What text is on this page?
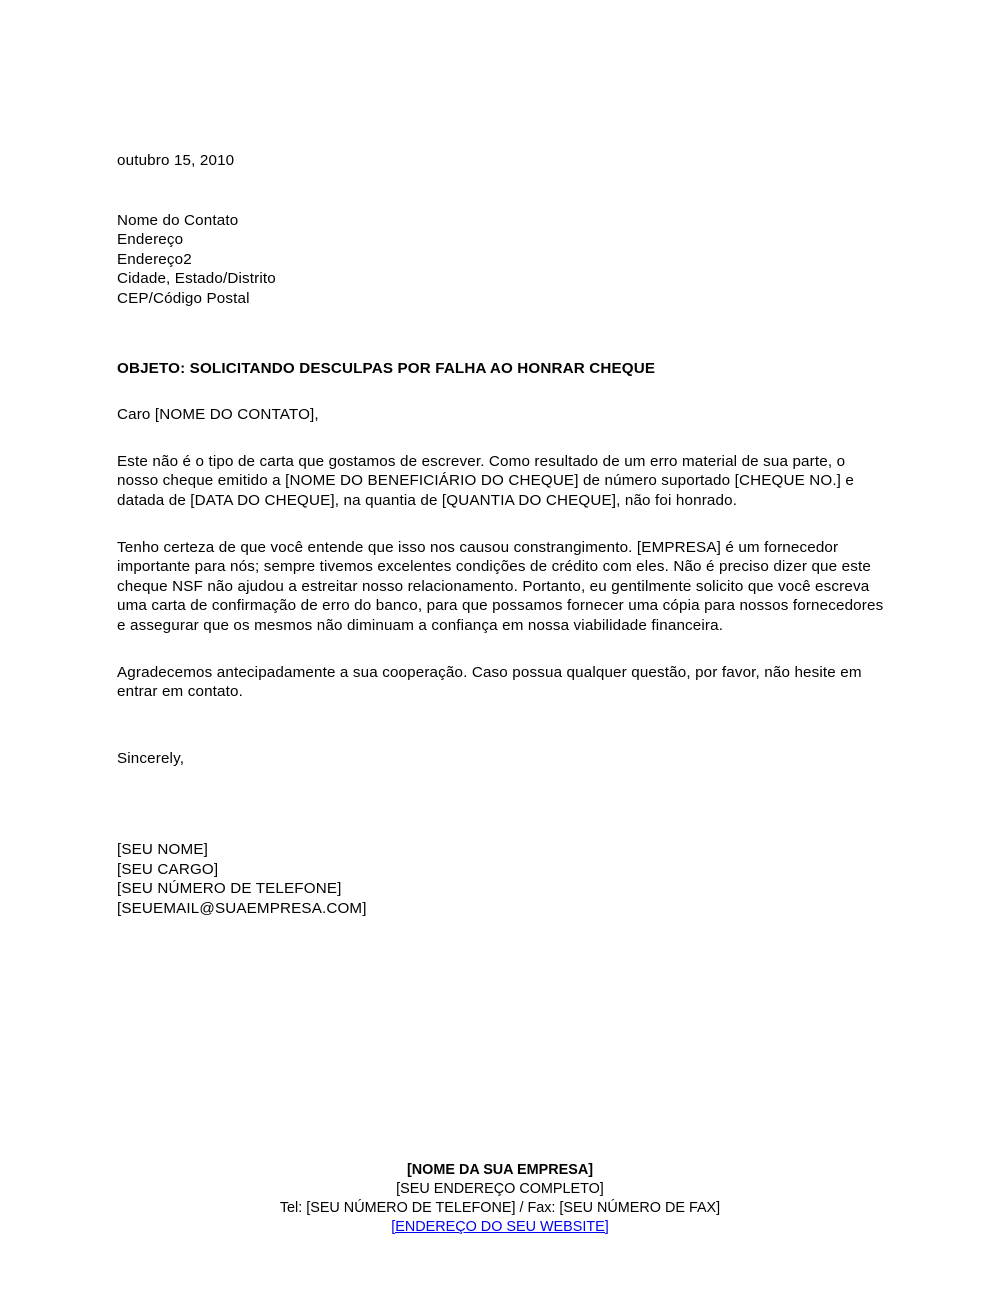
outubro 15, 2010

Nome do Contato

Endereço

Endereço2

Cidade, Estado/Distrito

CEP/Código Postal

OBJETO: SOLICITANDO DESCULPAS POR FALHA AO HONRAR CHEQUE

Caro [NOME DO CONTATO],

Este não é o tipo de carta que gostamos de escrever. Como resultado de um erro material de sua parte, o nosso cheque emitido a [NOME DO BENEFICIÁRIO DO CHEQUE] de número suportado [CHEQUE NO.] e datada de [DATA DO CHEQUE], na quantia de [QUANTIA DO CHEQUE], não foi honrado.

Tenho certeza de que você entende que isso nos causou constrangimento. [EMPRESA] é um fornecedor importante para nós; sempre tivemos excelentes condições de crédito com eles. Não é preciso dizer que este cheque NSF não ajudou a estreitar nosso relacionamento. Portanto, eu gentilmente solicito que você escreva uma carta de confirmação de erro do banco, para que possamos fornecer uma cópia para nossos fornecedores e assegurar que os mesmos não diminuam a confiança em nossa viabilidade financeira.

Agradecemos antecipadamente a sua cooperação. Caso possua qualquer questão, por favor, não hesite em entrar em contato.

Sincerely,

[SEU NOME]

[SEU CARGO]

[SEU NÚMERO DE TELEFONE]

[SEUEMAIL@SUAEMPRESA.COM]

[NOME DA SUA EMPRESA]

[SEU ENDEREÇO COMPLETO]

Tel: [SEU NÚMERO DE TELEFONE] / Fax: [SEU NÚMERO DE FAX]

[ENDEREÇO DO SEU WEBSITE]
